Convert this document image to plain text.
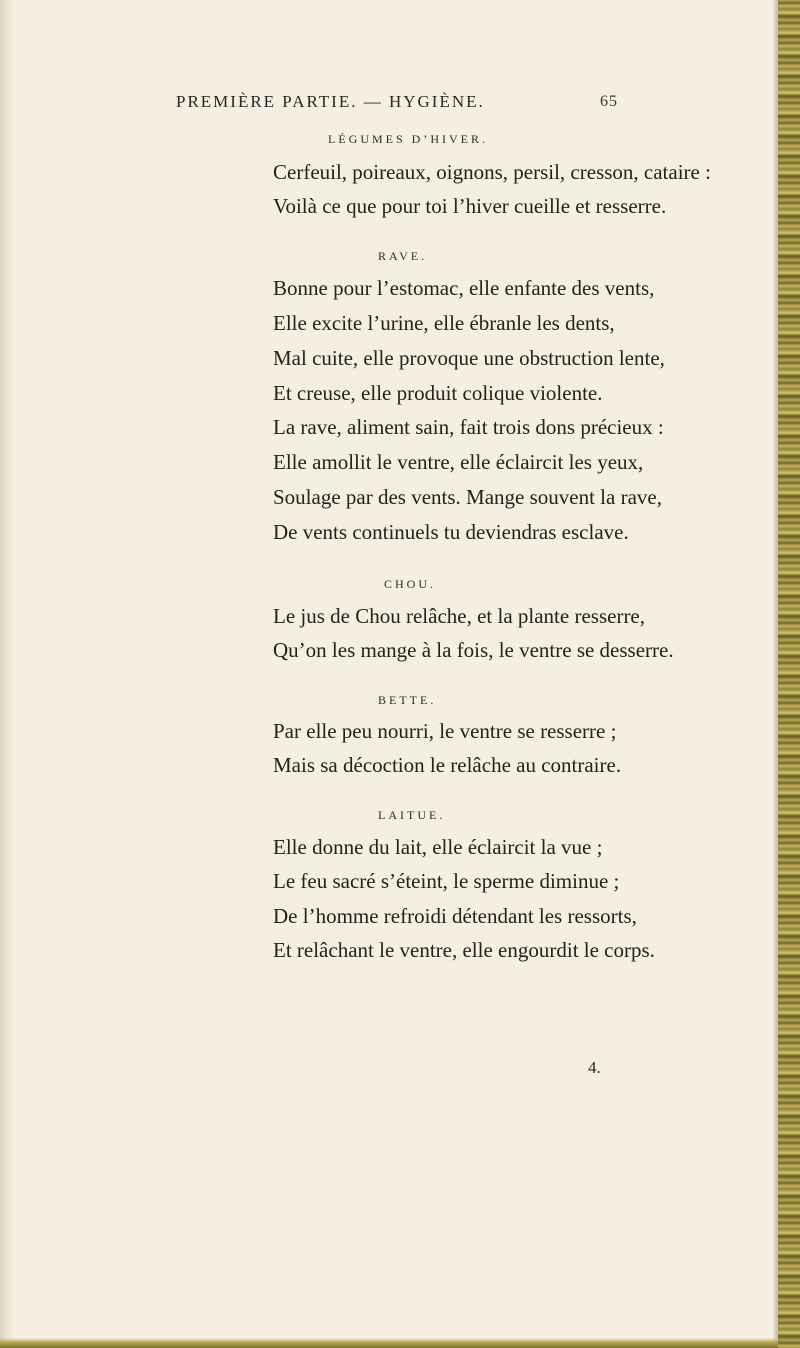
PREMIÈRE PARTIE. — HYGIÈNE.	65
LÉGUMES D’HIVER.
Cerfeuil, poireaux, oignons, persil, cresson, cataire :
Voilà ce que pour toi l’hiver cueille et resserre.
RAVE.
Bonne pour l’estomac, elle enfante des vents,
Elle excite l’urine, elle ébranle les dents,
Mal cuite, elle provoque une obstruction lente,
Et creuse, elle produit colique violente.
La rave, aliment sain, fait trois dons précieux :
Elle amollit le ventre, elle éclaircit les yeux,
Soulage par des vents. Mange souvent la rave,
De vents continuels tu deviendras esclave.
CHOU.
Le jus de Chou relâche, et la plante resserre,
Qu’on les mange à la fois, le ventre se desserre.
BETTE.
Par elle peu nourri, le ventre se resserre ;
Mais sa décoction le relâche au contraire.
LAITUE.
Elle donne du lait, elle éclaircit la vue ;
Le feu sacré s’éteint, le sperme diminue ;
De l’homme refroidi détendant les ressorts,
Et relâchant le ventre, elle engourdit le corps.
4.
